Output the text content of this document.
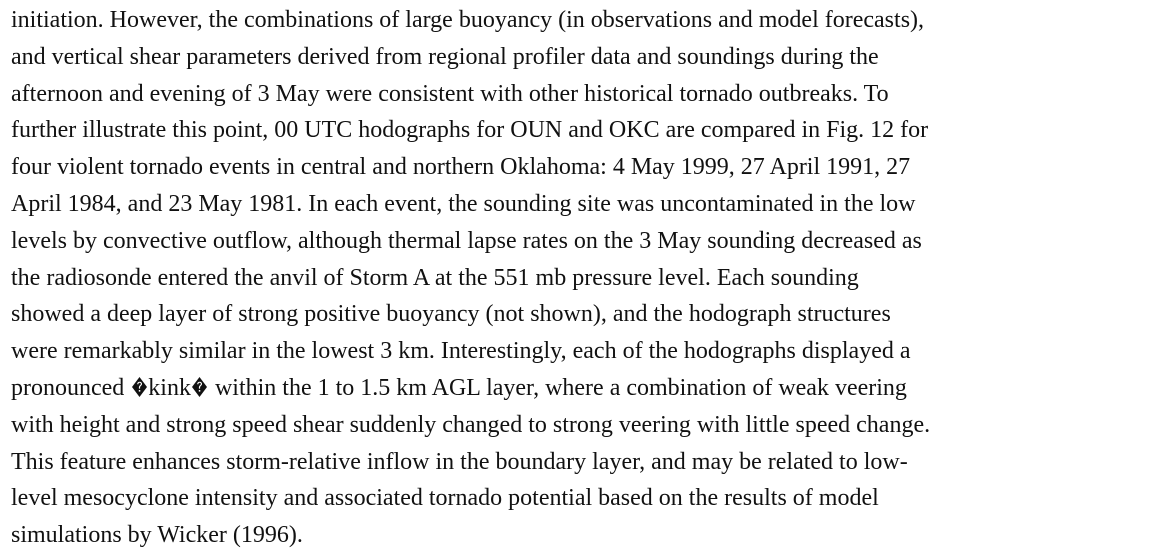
initiation. However, the combinations of large buoyancy (in observations and model forecasts),
and vertical shear parameters derived from regional profiler data and soundings during the
afternoon and evening of 3 May were consistent with other historical tornado outbreaks. To
further illustrate this point, 00 UTC hodographs for OUN and OKC are compared in Fig. 12 for
four violent tornado events in central and northern Oklahoma: 4 May 1999, 27 April 1991, 27
April 1984, and 23 May 1981. In each event, the sounding site was uncontaminated in the low
levels by convective outflow, although thermal lapse rates on the 3 May sounding decreased as
the radiosonde entered the anvil of Storm A at the 551 mb pressure level. Each sounding
showed a deep layer of strong positive buoyancy (not shown), and the hodograph structures
were remarkably similar in the lowest 3 km. Interestingly, each of the hodographs displayed a
pronounced
kink
within the 1 to 1.5 km AGL layer, where a combination of weak veering
with height and strong speed shear suddenly changed to strong veering with little speed change.
This feature enhances storm-relative inflow in the boundary layer, and may be related to low-
level mesocyclone intensity and associated tornado potential based on the results of model
simulations by Wicker (1996).
